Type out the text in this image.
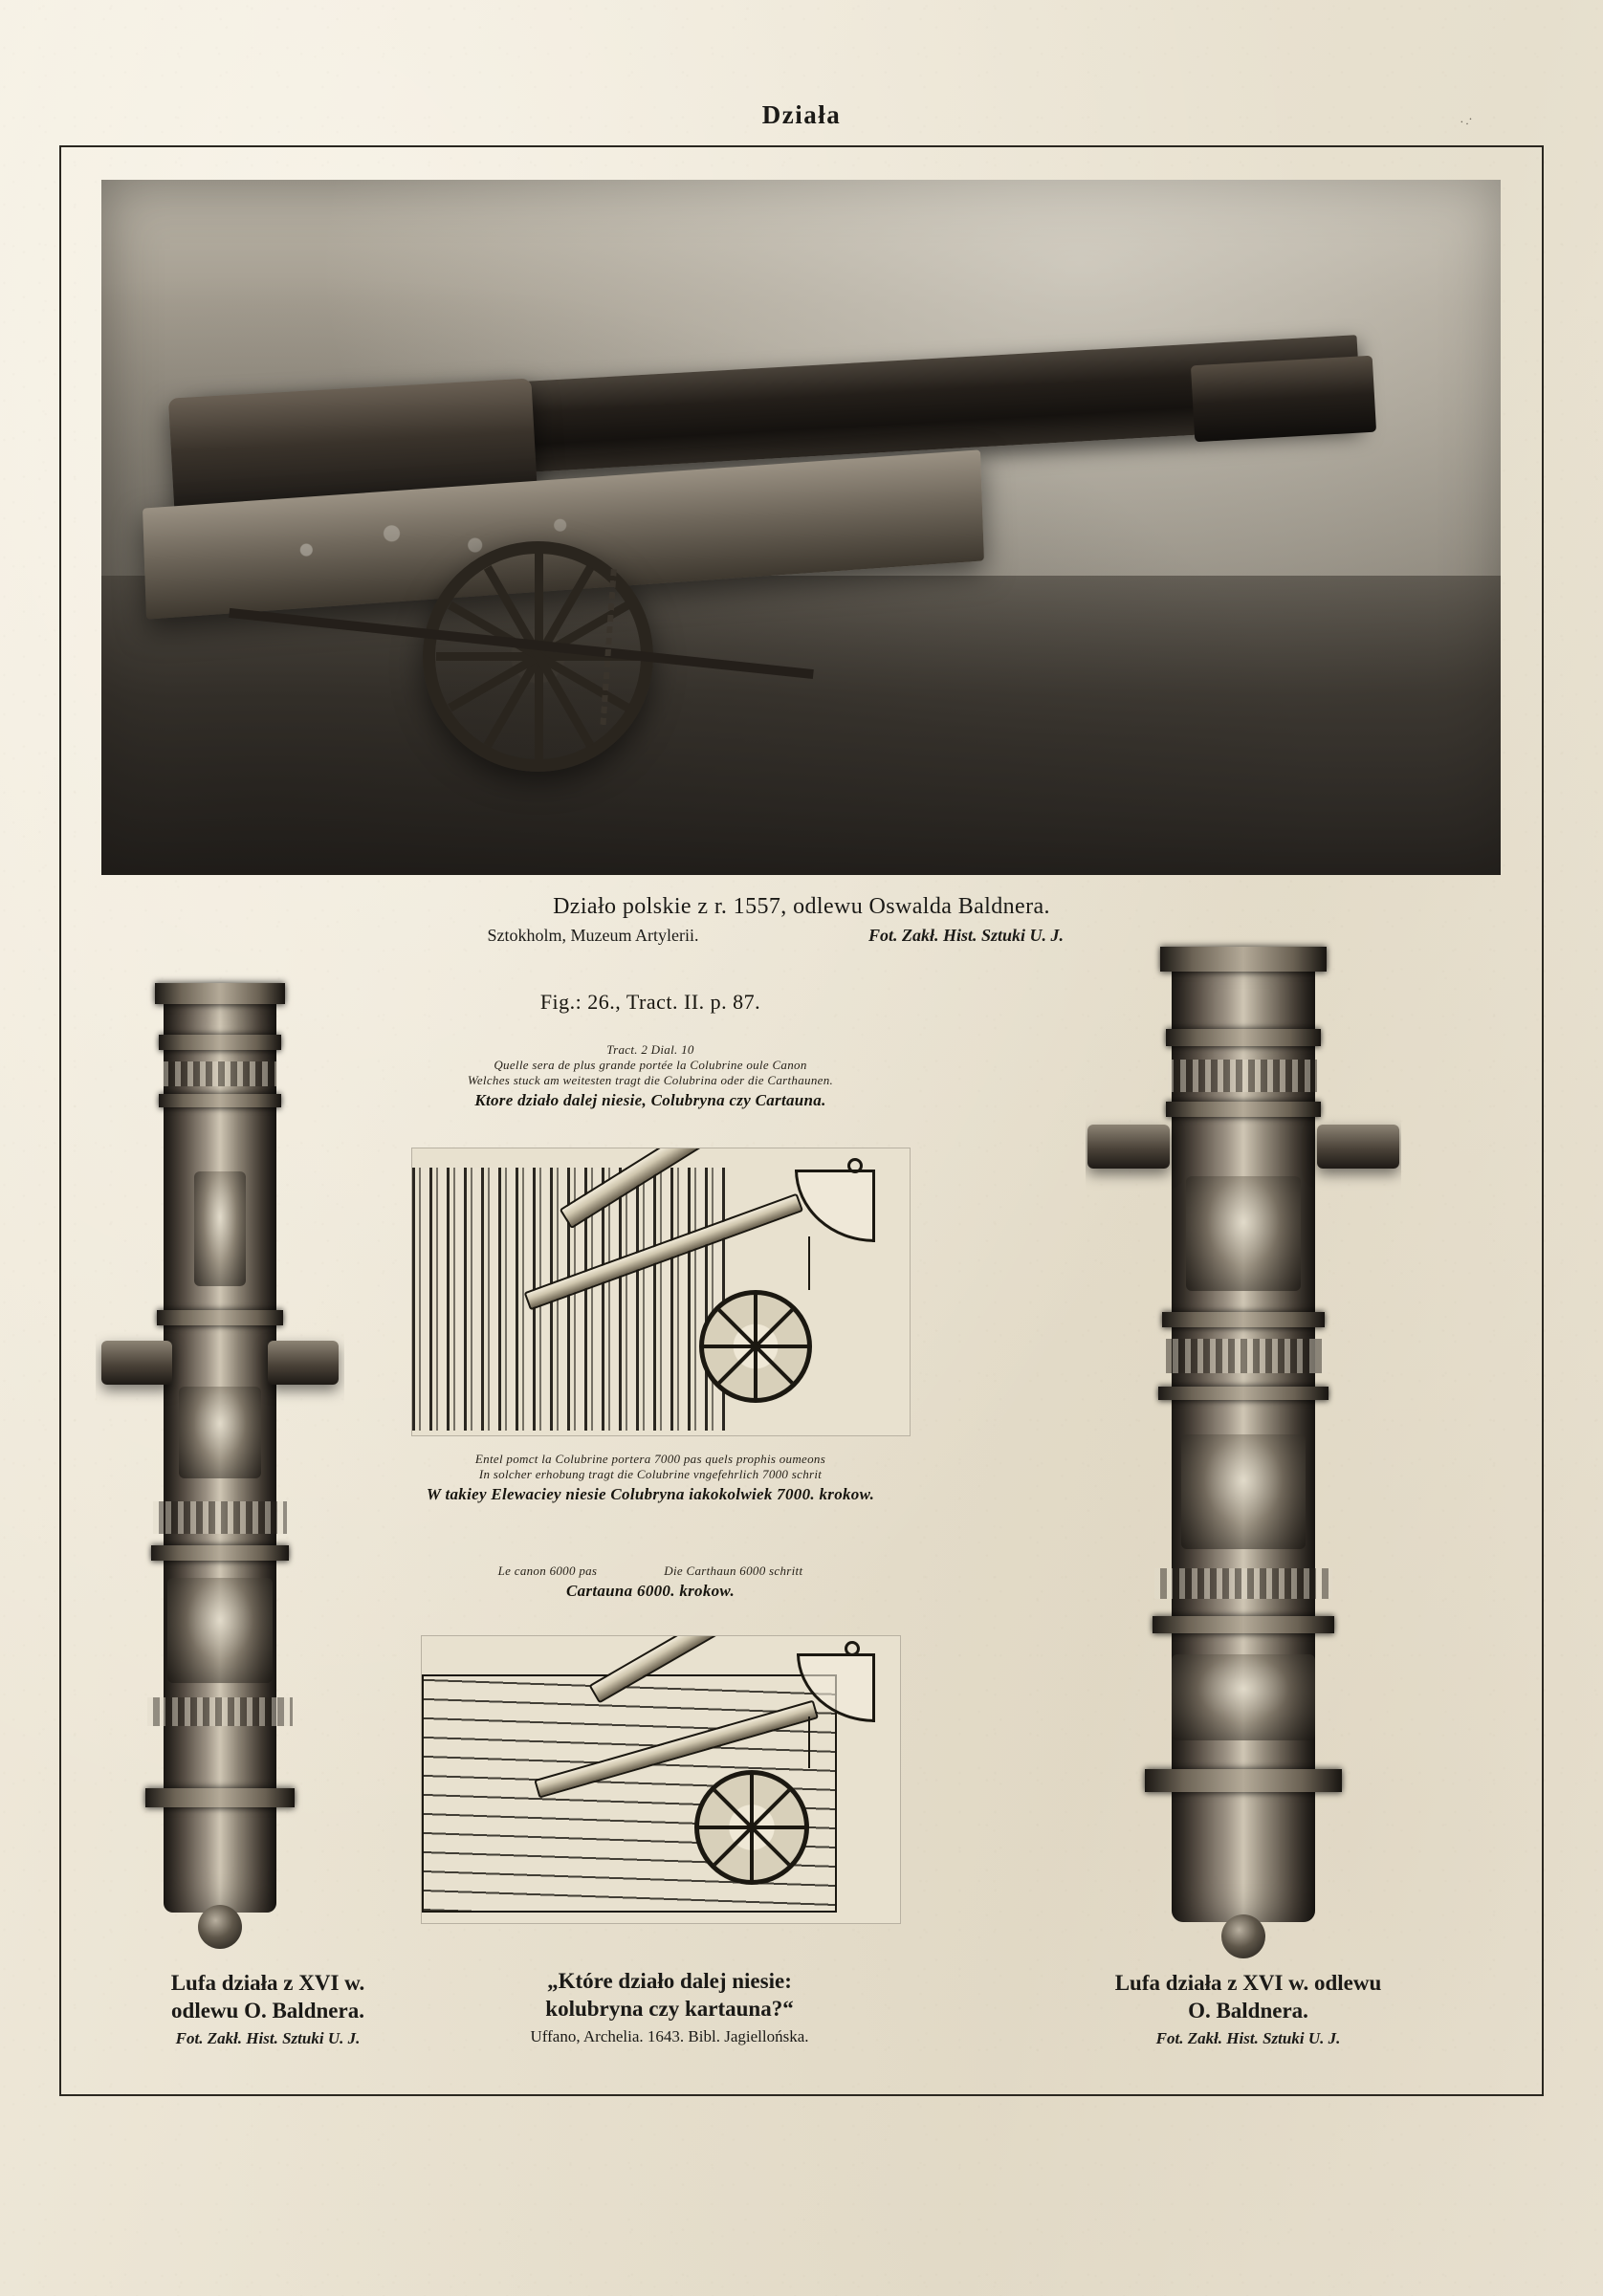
Działa	·.·
Działo polskie z r. 1557, odlewu Oswalda Baldnera.
Sztokholm, Muzeum Artylerii.	Fot. Zakł. Hist. Sztuki U. J.
Fig.: 26., Tract. II. p. 87.
Tract. 2 Dial. 10
Quelle sera de plus grande portée la Colubrine oule Canon
Welches stuck am weitesten tragt die Colubrina oder die Carthaunen.
Ktore działo dalej niesie, Colubryna czy Cartauna.
Entel pomct la Colubrine portera 7000 pas quels prophis oumeons
In solcher erhobung tragt die Colubrine vngefehrlich 7000 schrit
W takiey Elewaciey niesie Colubryna iakokolwiek 7000. krokow.
Le canon 6000 pas	Die Carthaun 6000 schritt
Cartauna 6000. krokow.
Lufa działa z XVI w.
odlewu O. Baldnera.
Fot. Zakł. Hist. Sztuki U. J.
„Które działo dalej niesie:
kolubryna czy kartauna?“
Uffano, Archelia. 1643. Bibl. Jagiellońska.
Lufa działa z XVI w. odlewu
O. Baldnera.
Fot. Zakł. Hist. Sztuki U. J.
